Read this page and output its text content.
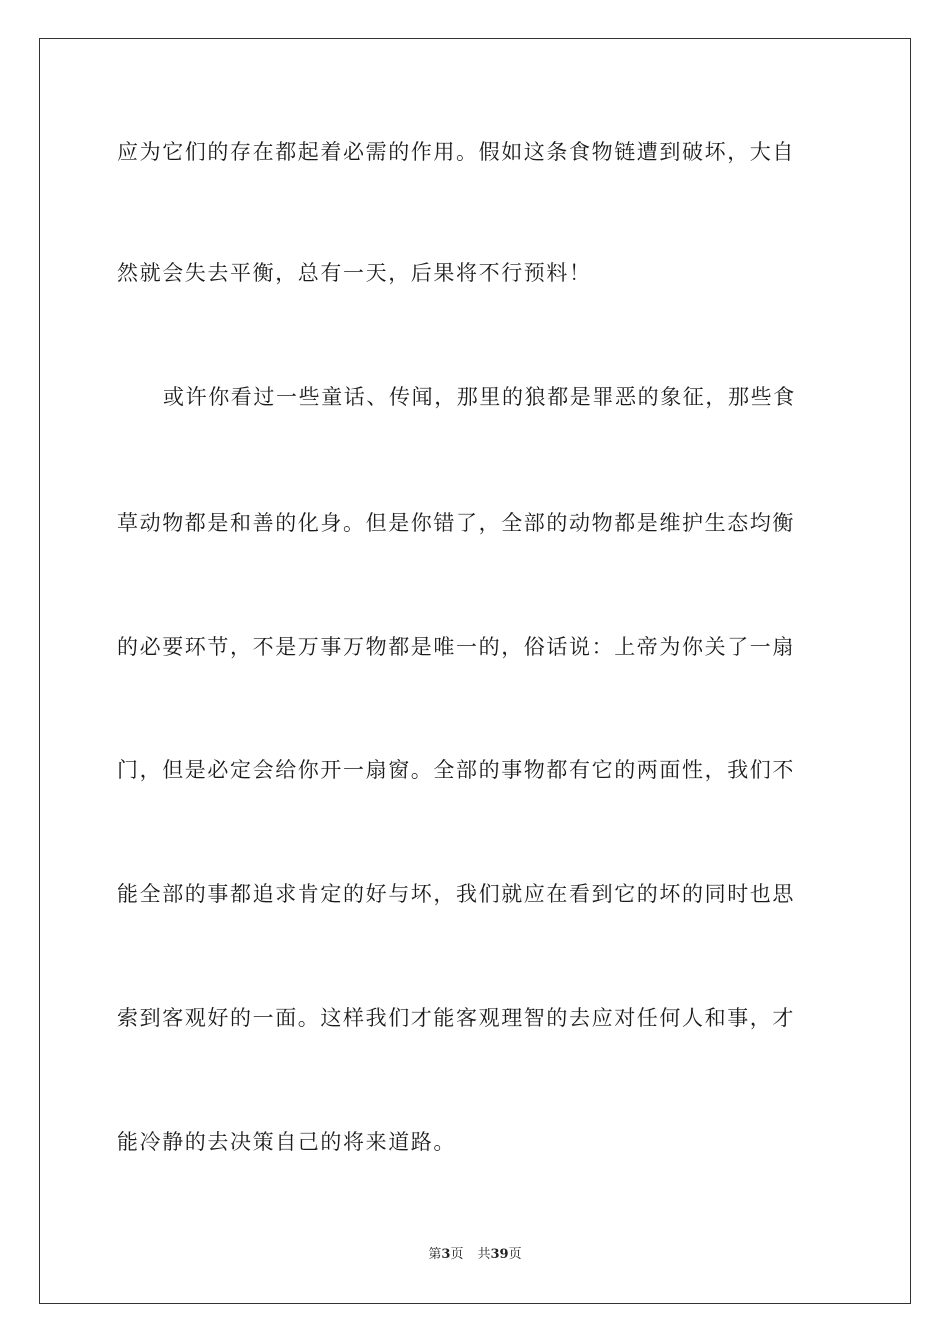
应为它们的存在都起着必需的作用。假如这条食物链遭到破坏，大自
然就会失去平衡，总有一天，后果将不行预料！
或许你看过一些童话、传闻，那里的狼都是罪恶的象征，那些食
草动物都是和善的化身。但是你错了，全部的动物都是维护生态均衡
的必要环节，不是万事万物都是唯一的，俗话说：上帝为你关了一扇
门，但是必定会给你开一扇窗。全部的事物都有它的两面性，我们不
能全部的事都追求肯定的好与坏，我们就应在看到它的坏的同时也思
索到客观好的一面。这样我们才能客观理智的去应对任何人和事，才
能冷静的去决策自己的将来道路。
第3页 共39页
